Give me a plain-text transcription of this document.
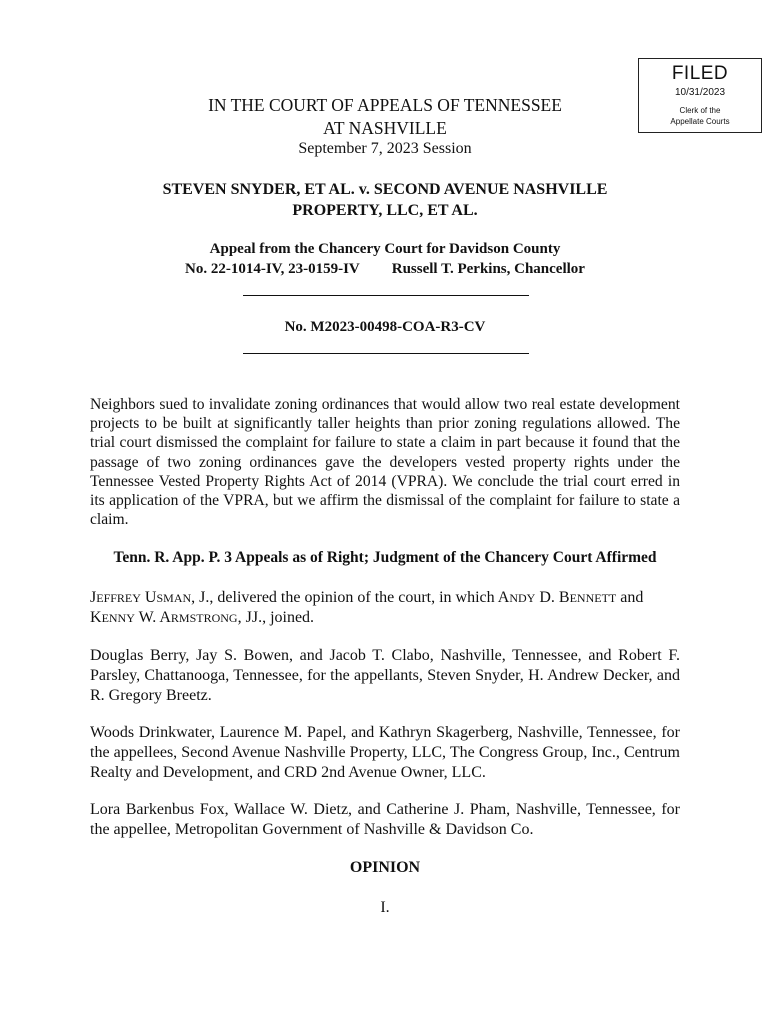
FILED
10/31/2023
Clerk of the
Appellate Courts
IN THE COURT OF APPEALS OF TENNESSEE
AT NASHVILLE
September 7, 2023 Session
STEVEN SNYDER, ET AL. v. SECOND AVENUE NASHVILLE
PROPERTY, LLC, ET AL.
Appeal from the Chancery Court for Davidson County
No. 22-1014-IV, 23-0159-IV Russell T. Perkins, Chancellor
No. M2023-00498-COA-R3-CV
Neighbors sued to invalidate zoning ordinances that would allow two real estate development projects to be built at significantly taller heights than prior zoning regulations allowed. The trial court dismissed the complaint for failure to state a claim in part because it found that the passage of two zoning ordinances gave the developers vested property rights under the Tennessee Vested Property Rights Act of 2014 (VPRA). We conclude the trial court erred in its application of the VPRA, but we affirm the dismissal of the complaint for failure to state a claim.
Tenn. R. App. P. 3 Appeals as of Right; Judgment of the Chancery Court Affirmed
JEFFREY USMAN, J., delivered the opinion of the court, in which ANDY D. BENNETT and
KENNY W. ARMSTRONG, JJ., joined.
Douglas Berry, Jay S. Bowen, and Jacob T. Clabo, Nashville, Tennessee, and Robert F. Parsley, Chattanooga, Tennessee, for the appellants, Steven Snyder, H. Andrew Decker, and R. Gregory Breetz.
Woods Drinkwater, Laurence M. Papel, and Kathryn Skagerberg, Nashville, Tennessee, for the appellees, Second Avenue Nashville Property, LLC, The Congress Group, Inc., Centrum Realty and Development, and CRD 2nd Avenue Owner, LLC.
Lora Barkenbus Fox, Wallace W. Dietz, and Catherine J. Pham, Nashville, Tennessee, for the appellee, Metropolitan Government of Nashville & Davidson Co.
OPINION
I.
